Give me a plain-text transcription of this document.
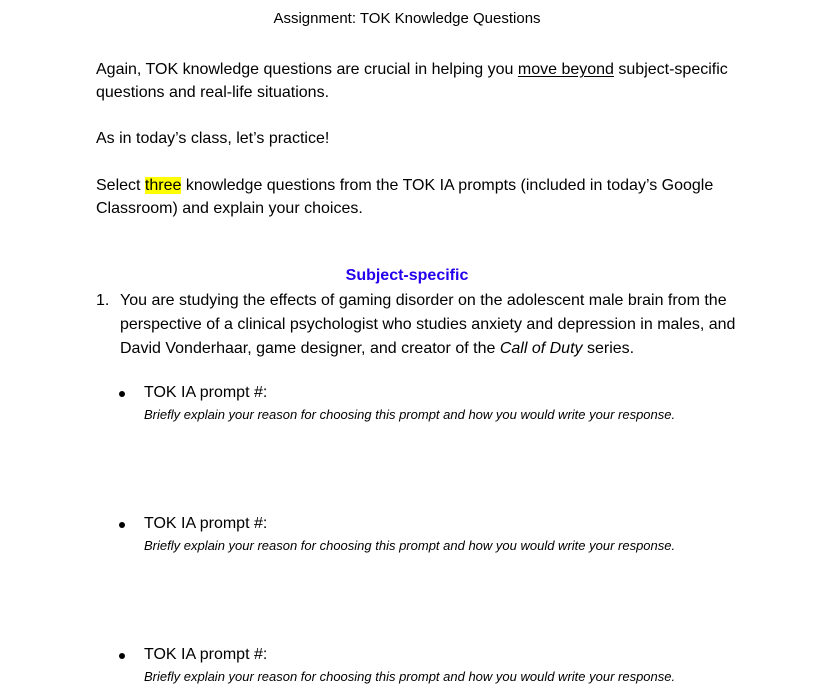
Assignment: TOK Knowledge Questions

Again, TOK knowledge questions are crucial in helping you move beyond subject-specific questions and real-life situations.

As in today’s class, let’s practice!

Select three knowledge questions from the TOK IA prompts (included in today’s Google Classroom) and explain your choices.

Subject-specific
1. You are studying the effects of gaming disorder on the adolescent male brain from the perspective of a clinical psychologist who studies anxiety and depression in males, and David Vonderhaar, game designer, and creator of the Call of Duty series.
TOK IA prompt #:
Briefly explain your reason for choosing this prompt and how you would write your response.
TOK IA prompt #:
Briefly explain your reason for choosing this prompt and how you would write your response.
TOK IA prompt #:
Briefly explain your reason for choosing this prompt and how you would write your response.
